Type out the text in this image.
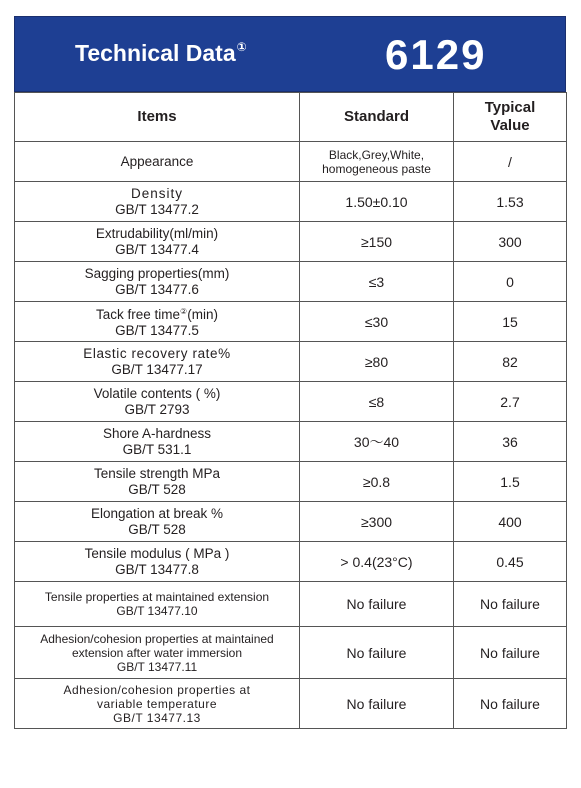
Technical Data①	6129
Items	Standard	Typical
Value
Appearance	Black,Grey,White,
homogeneous paste	/
Density
GB/T 13477.2	1.50±0.10	1.53
Extrudability(ml/min)
GB/T 13477.4	≥150	300
Sagging properties(mm)
GB/T 13477.6	≤3	0
Tack free time②(min)
GB/T 13477.5	≤30	15
Elastic recovery rate%
GB/T 13477.17	≥80	82
Volatile contents ( %)
GB/T 2793	≤8	2.7
Shore A-hardness
GB/T 531.1	30～40	36
Tensile strength MPa
GB/T 528	≥0.8	1.5
Elongation at break %
GB/T 528	≥300	400
Tensile modulus ( MPa )
GB/T 13477.8	> 0.4(23°C)	0.45
Tensile properties at maintained extension
GB/T 13477.10	No failure	No failure
Adhesion/cohesion properties at maintained
extension after water immersion
GB/T 13477.11	No failure	No failure
Adhesion/cohesion properties at
variable temperature
GB/T 13477.13	No failure	No failure
